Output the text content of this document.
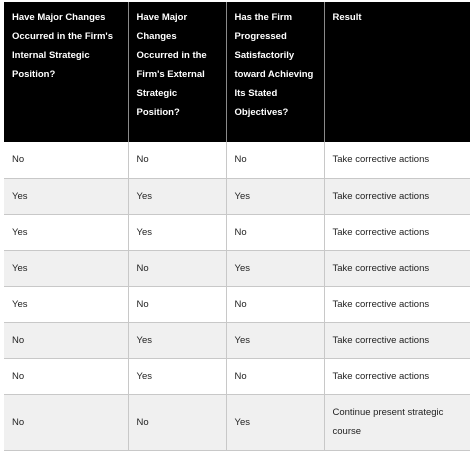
Have Major Changes Occurred in the Firm's Internal Strategic Position?	Have Major Changes Occurred in the Firm's External Strategic Position?	Has the Firm Progressed Satisfactorily toward Achieving Its Stated Objectives?	Result
No	No	No	Take corrective actions
Yes	Yes	Yes	Take corrective actions
Yes	Yes	No	Take corrective actions
Yes	No	Yes	Take corrective actions
Yes	No	No	Take corrective actions
No	Yes	Yes	Take corrective actions
No	Yes	No	Take corrective actions
No	No	Yes	Continue present strategic course
